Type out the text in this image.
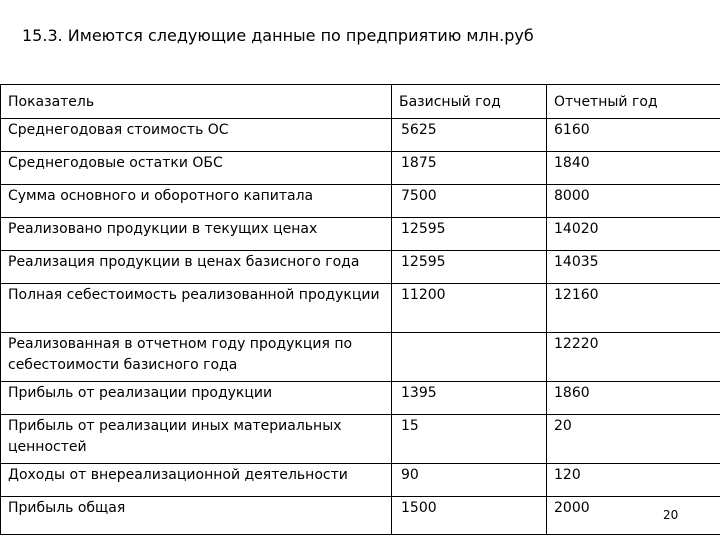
15.3. Имеются следующие данные по предприятию млн.руб
Показатель	Базисный год	Отчетный год
Среднегодовая стоимость ОС	5625	6160
Среднегодовые остатки ОБС	1875	1840
Сумма основного и оборотного капитала	7500	8000
Реализовано продукции в текущих ценах	12595	14020
Реализация продукции в ценах базисного года	12595	14035
Полная себестоимость реализованной продукции	11200	12160
Реализованная в отчетном году продукция по себестоимости базисного года		12220
Прибыль от реализации продукции	1395	1860
Прибыль от реализации иных материальных ценностей	15	20
Доходы от внереализационной деятельности	90	120
Прибыль общая	1500	2000	20
